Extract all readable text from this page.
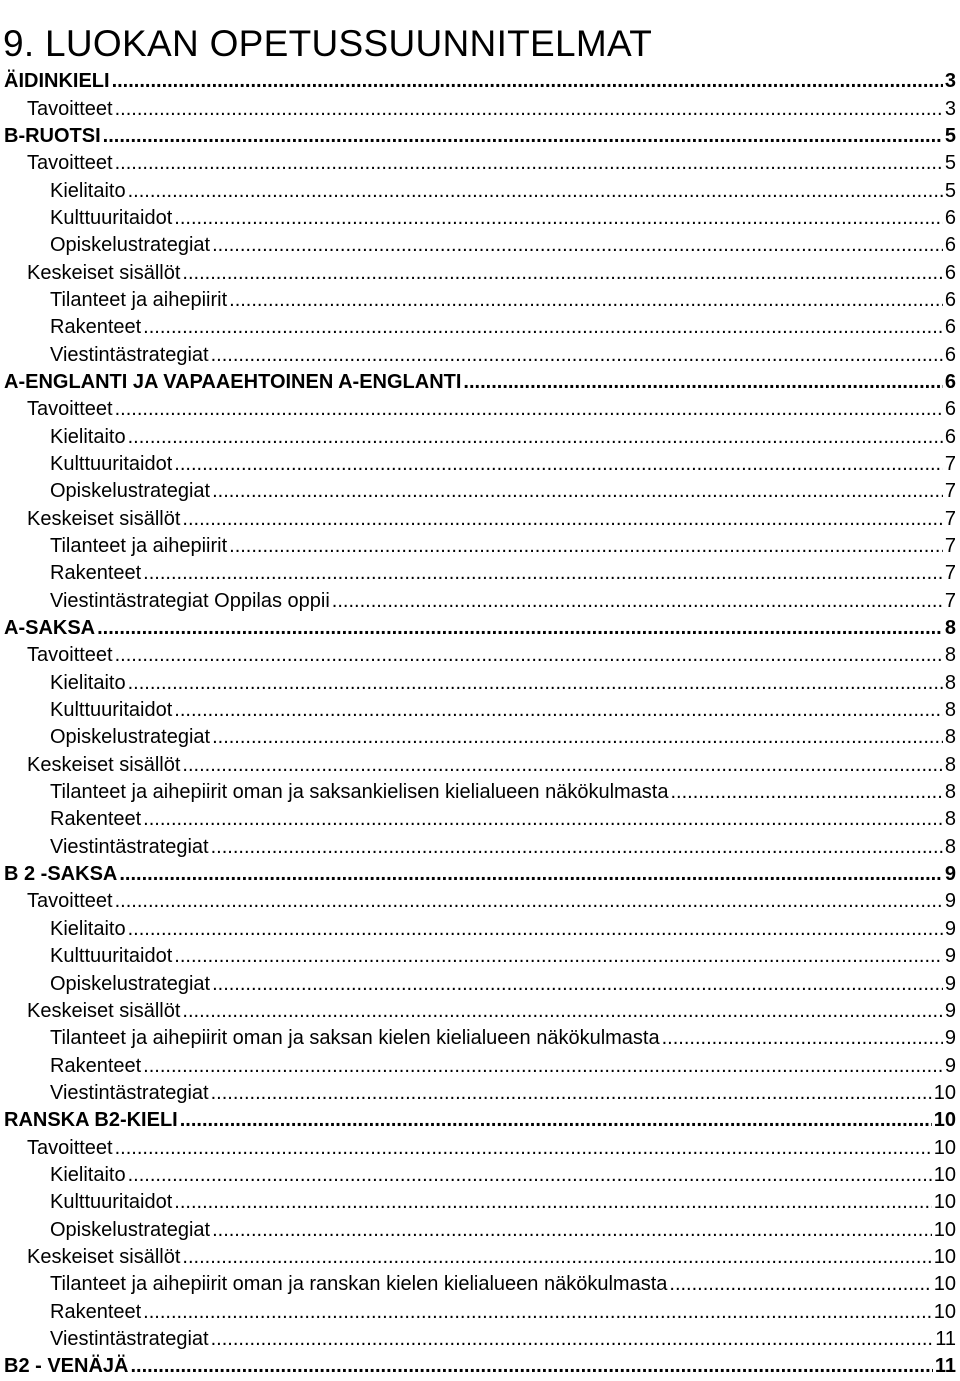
9. LUOKAN OPETUSSUUNNITELMAT
ÄIDINKIELI .....	3
Tavoitteet .....	3
B-RUOTSI .....	5
Tavoitteet .....	5
Kielitaito .....	5
Kulttuuritaidot .....	6
Opiskelustrategiat .....	6
Keskeiset sisällöt .....	6
Tilanteet ja aihepiirit .....	6
Rakenteet .....	6
Viestintästrategiat .....	6
A-ENGLANTI JA VAPAAEHTOINEN A-ENGLANTI .....	6
Tavoitteet .....	6
Kielitaito .....	6
Kulttuuritaidot .....	7
Opiskelustrategiat .....	7
Keskeiset sisällöt .....	7
Tilanteet ja aihepiirit .....	7
Rakenteet .....	7
Viestintästrategiat Oppilas oppii .....	7
A-SAKSA .....	8
Tavoitteet .....	8
Kielitaito .....	8
Kulttuuritaidot .....	8
Opiskelustrategiat .....	8
Keskeiset sisällöt .....	8
Tilanteet ja aihepiirit oman ja saksankielisen kielialueen näkökulmasta .....	8
Rakenteet .....	8
Viestintästrategiat .....	8
B 2 -SAKSA .....	9
Tavoitteet .....	9
Kielitaito .....	9
Kulttuuritaidot .....	9
Opiskelustrategiat .....	9
Keskeiset sisällöt .....	9
Tilanteet ja aihepiirit oman ja saksan kielen kielialueen näkökulmasta .....	9
Rakenteet .....	9
Viestintästrategiat .....	10
RANSKA B2-KIELI .....	10
Tavoitteet .....	10
Kielitaito .....	10
Kulttuuritaidot .....	10
Opiskelustrategiat .....	10
Keskeiset sisällöt .....	10
Tilanteet ja aihepiirit oman ja ranskan kielen kielialueen näkökulmasta .....	10
Rakenteet .....	10
Viestintästrategiat .....	11
B2 - VENÄJÄ .....	11
